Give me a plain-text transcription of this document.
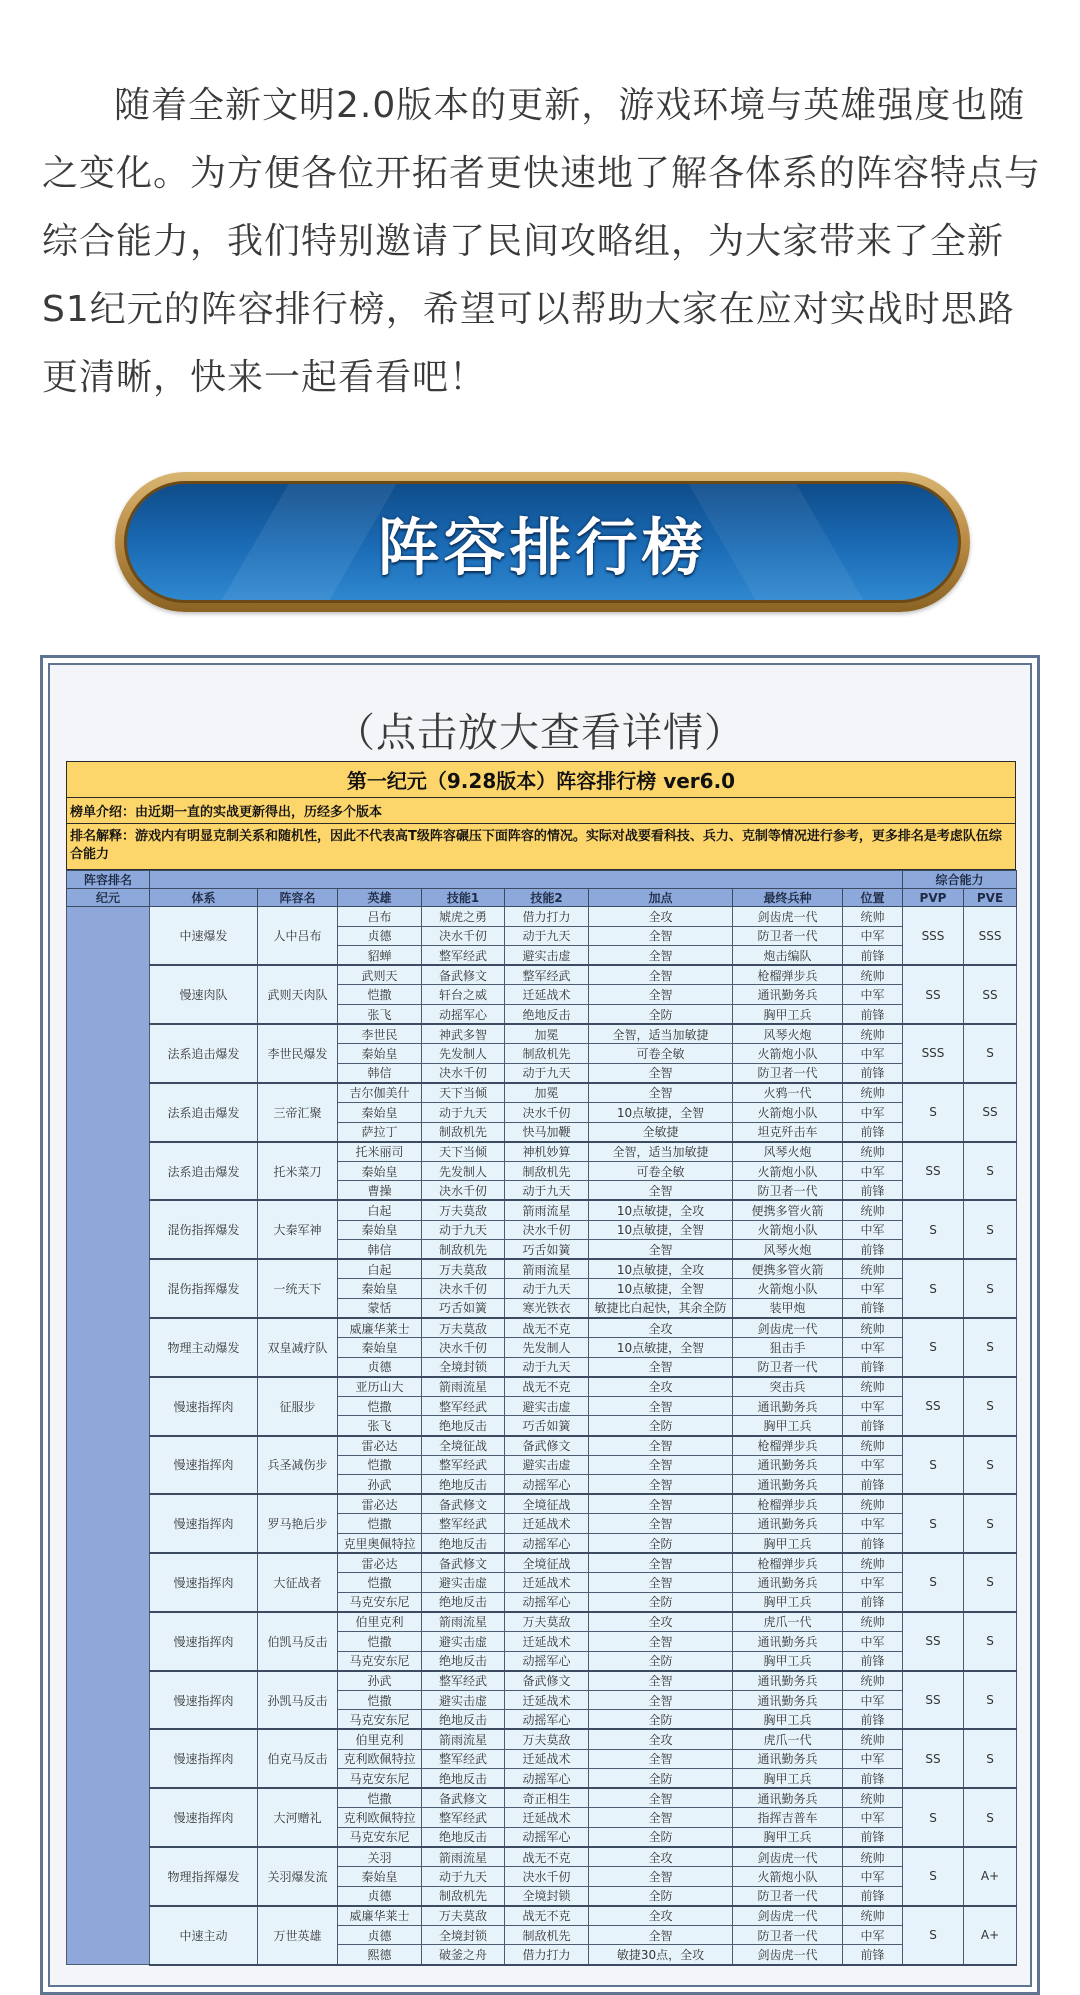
随着全新文明2.0版本的更新，游戏环境与英雄强度也随之变化。为方便各位开拓者更快速地了解各体系的阵容特点与综合能力，我们特别邀请了民间攻略组，为大家带来了全新S1纪元的阵容排行榜，希望可以帮助大家在应对实战时思路更清晰，快来一起看看吧！

阵容排行榜
（点击放大查看详情）
第一纪元（9.28版本）阵容排行榜 ver6.0
榜单介绍：由近期一直的实战更新得出，历经多个版本
排名解释：游戏内有明显克制关系和随机性，因此不代表高T级阵容碾压下面阵容的情况。实际对战要看科技、兵力、克制等情况进行参考，更多排名是考虑队伍综合能力
阵容排名									综合能力	
纪元	体系	阵容名	英雄	技能1	技能2	加点	最终兵种	位置	PVP	PVE
	中速爆发	人中吕布	吕布	虓虎之勇	借力打力	全攻	剑齿虎一代	统帅	SSS	SSS
			贞德	决水千仞	动于九天	全智	防卫者一代	中军		
			貂蝉	整军经武	避实击虚	全智	炮击编队	前锋		
	慢速肉队	武则天肉队	武则天	备武修文	整军经武	全智	枪榴弹步兵	统帅	SS	SS
			恺撒	轩台之威	迁延战术	全智	通讯勤务兵	中军		
			张飞	动摇军心	绝地反击	全防	胸甲工兵	前锋		
	法系追击爆发	李世民爆发	李世民	神武多智	加冕	全智，适当加敏捷	风琴火炮	统帅	SSS	S
			秦始皇	先发制人	制敌机先	可卷全敏	火箭炮小队	中军		
			韩信	决水千仞	动于九天	全智	防卫者一代	前锋		
	法系追击爆发	三帝汇聚	吉尔伽美什	天下当倾	加冕	全智	火鸦一代	统帅	S	SS
			秦始皇	动于九天	决水千仞	10点敏捷，全智	火箭炮小队	中军		
			萨拉丁	制敌机先	快马加鞭	全敏捷	坦克歼击车	前锋		
	法系追击爆发	托米菜刀	托米丽司	天下当倾	神机妙算	全智，适当加敏捷	风琴火炮	统帅	SS	S
			秦始皇	先发制人	制敌机先	可卷全敏	火箭炮小队	中军		
			曹操	决水千仞	动于九天	全智	防卫者一代	前锋		
	混伤指挥爆发	大秦军神	白起	万夫莫敌	箭雨流星	10点敏捷，全攻	便携多管火箭	统帅	S	S
			秦始皇	动于九天	决水千仞	10点敏捷，全智	火箭炮小队	中军		
			韩信	制敌机先	巧舌如簧	全智	风琴火炮	前锋		
	混伤指挥爆发	一统天下	白起	万夫莫敌	箭雨流星	10点敏捷，全攻	便携多管火箭	统帅	S	S
			秦始皇	决水千仞	动于九天	10点敏捷，全智	火箭炮小队	中军		
			蒙恬	巧舌如簧	寒光铁衣	敏捷比白起快，其余全防	装甲炮	前锋		
	物理主动爆发	双皇减疗队	威廉华莱士	万夫莫敌	战无不克	全攻	剑齿虎一代	统帅	S	S
			秦始皇	决水千仞	先发制人	10点敏捷，全智	狙击手	中军		
			贞德	全境封锁	动于九天	全智	防卫者一代	前锋		
	慢速指挥肉	征服步	亚历山大	箭雨流星	战无不克	全攻	突击兵	统帅	SS	S
			恺撒	整军经武	避实击虚	全智	通讯勤务兵	中军		
			张飞	绝地反击	巧舌如簧	全防	胸甲工兵	前锋		
	慢速指挥肉	兵圣减伤步	雷必达	全境征战	备武修文	全智	枪榴弹步兵	统帅	S	S
			恺撒	整军经武	避实击虚	全智	通讯勤务兵	中军		
			孙武	绝地反击	动摇军心	全智	通讯勤务兵	前锋		
	慢速指挥肉	罗马艳后步	雷必达	备武修文	全境征战	全智	枪榴弹步兵	统帅	S	S
			恺撒	整军经武	迁延战术	全智	通讯勤务兵	中军		
			克里奥佩特拉	绝地反击	动摇军心	全防	胸甲工兵	前锋		
	慢速指挥肉	大征战者	雷必达	备武修文	全境征战	全智	枪榴弹步兵	统帅	S	S
			恺撒	避实击虚	迁延战术	全智	通讯勤务兵	中军		
			马克安东尼	绝地反击	动摇军心	全防	胸甲工兵	前锋		
	慢速指挥肉	伯凯马反击	伯里克利	箭雨流星	万夫莫敌	全攻	虎爪一代	统帅	SS	S
			恺撒	避实击虚	迁延战术	全智	通讯勤务兵	中军		
			马克安东尼	绝地反击	动摇军心	全防	胸甲工兵	前锋		
	慢速指挥肉	孙凯马反击	孙武	整军经武	备武修文	全智	通讯勤务兵	统帅	SS	S
			恺撒	避实击虚	迁延战术	全智	通讯勤务兵	中军		
			马克安东尼	绝地反击	动摇军心	全防	胸甲工兵	前锋		
	慢速指挥肉	伯克马反击	伯里克利	箭雨流星	万夫莫敌	全攻	虎爪一代	统帅	SS	S
			克利欧佩特拉	整军经武	迁延战术	全智	通讯勤务兵	中军		
			马克安东尼	绝地反击	动摇军心	全防	胸甲工兵	前锋		
	慢速指挥肉	大河赠礼	恺撒	备武修文	奇正相生	全智	通讯勤务兵	统帅	S	S
			克利欧佩特拉	整军经武	迁延战术	全智	指挥吉普车	中军		
			马克安东尼	绝地反击	动摇军心	全防	胸甲工兵	前锋		
	物理指挥爆发	关羽爆发流	关羽	箭雨流星	战无不克	全攻	剑齿虎一代	统帅	S	A+
			秦始皇	动于九天	决水千仞	全智	火箭炮小队	中军		
			贞德	制敌机先	全境封锁	全防	防卫者一代	前锋		
	中速主动	万世英雄	威廉华莱士	万夫莫敌	战无不克	全攻	剑齿虎一代	统帅	S	A+
			贞德	全境封锁	制敌机先	全智	防卫者一代	中军		
			熙德	破釜之舟	借力打力	敏捷30点，全攻	剑齿虎一代	前锋		
